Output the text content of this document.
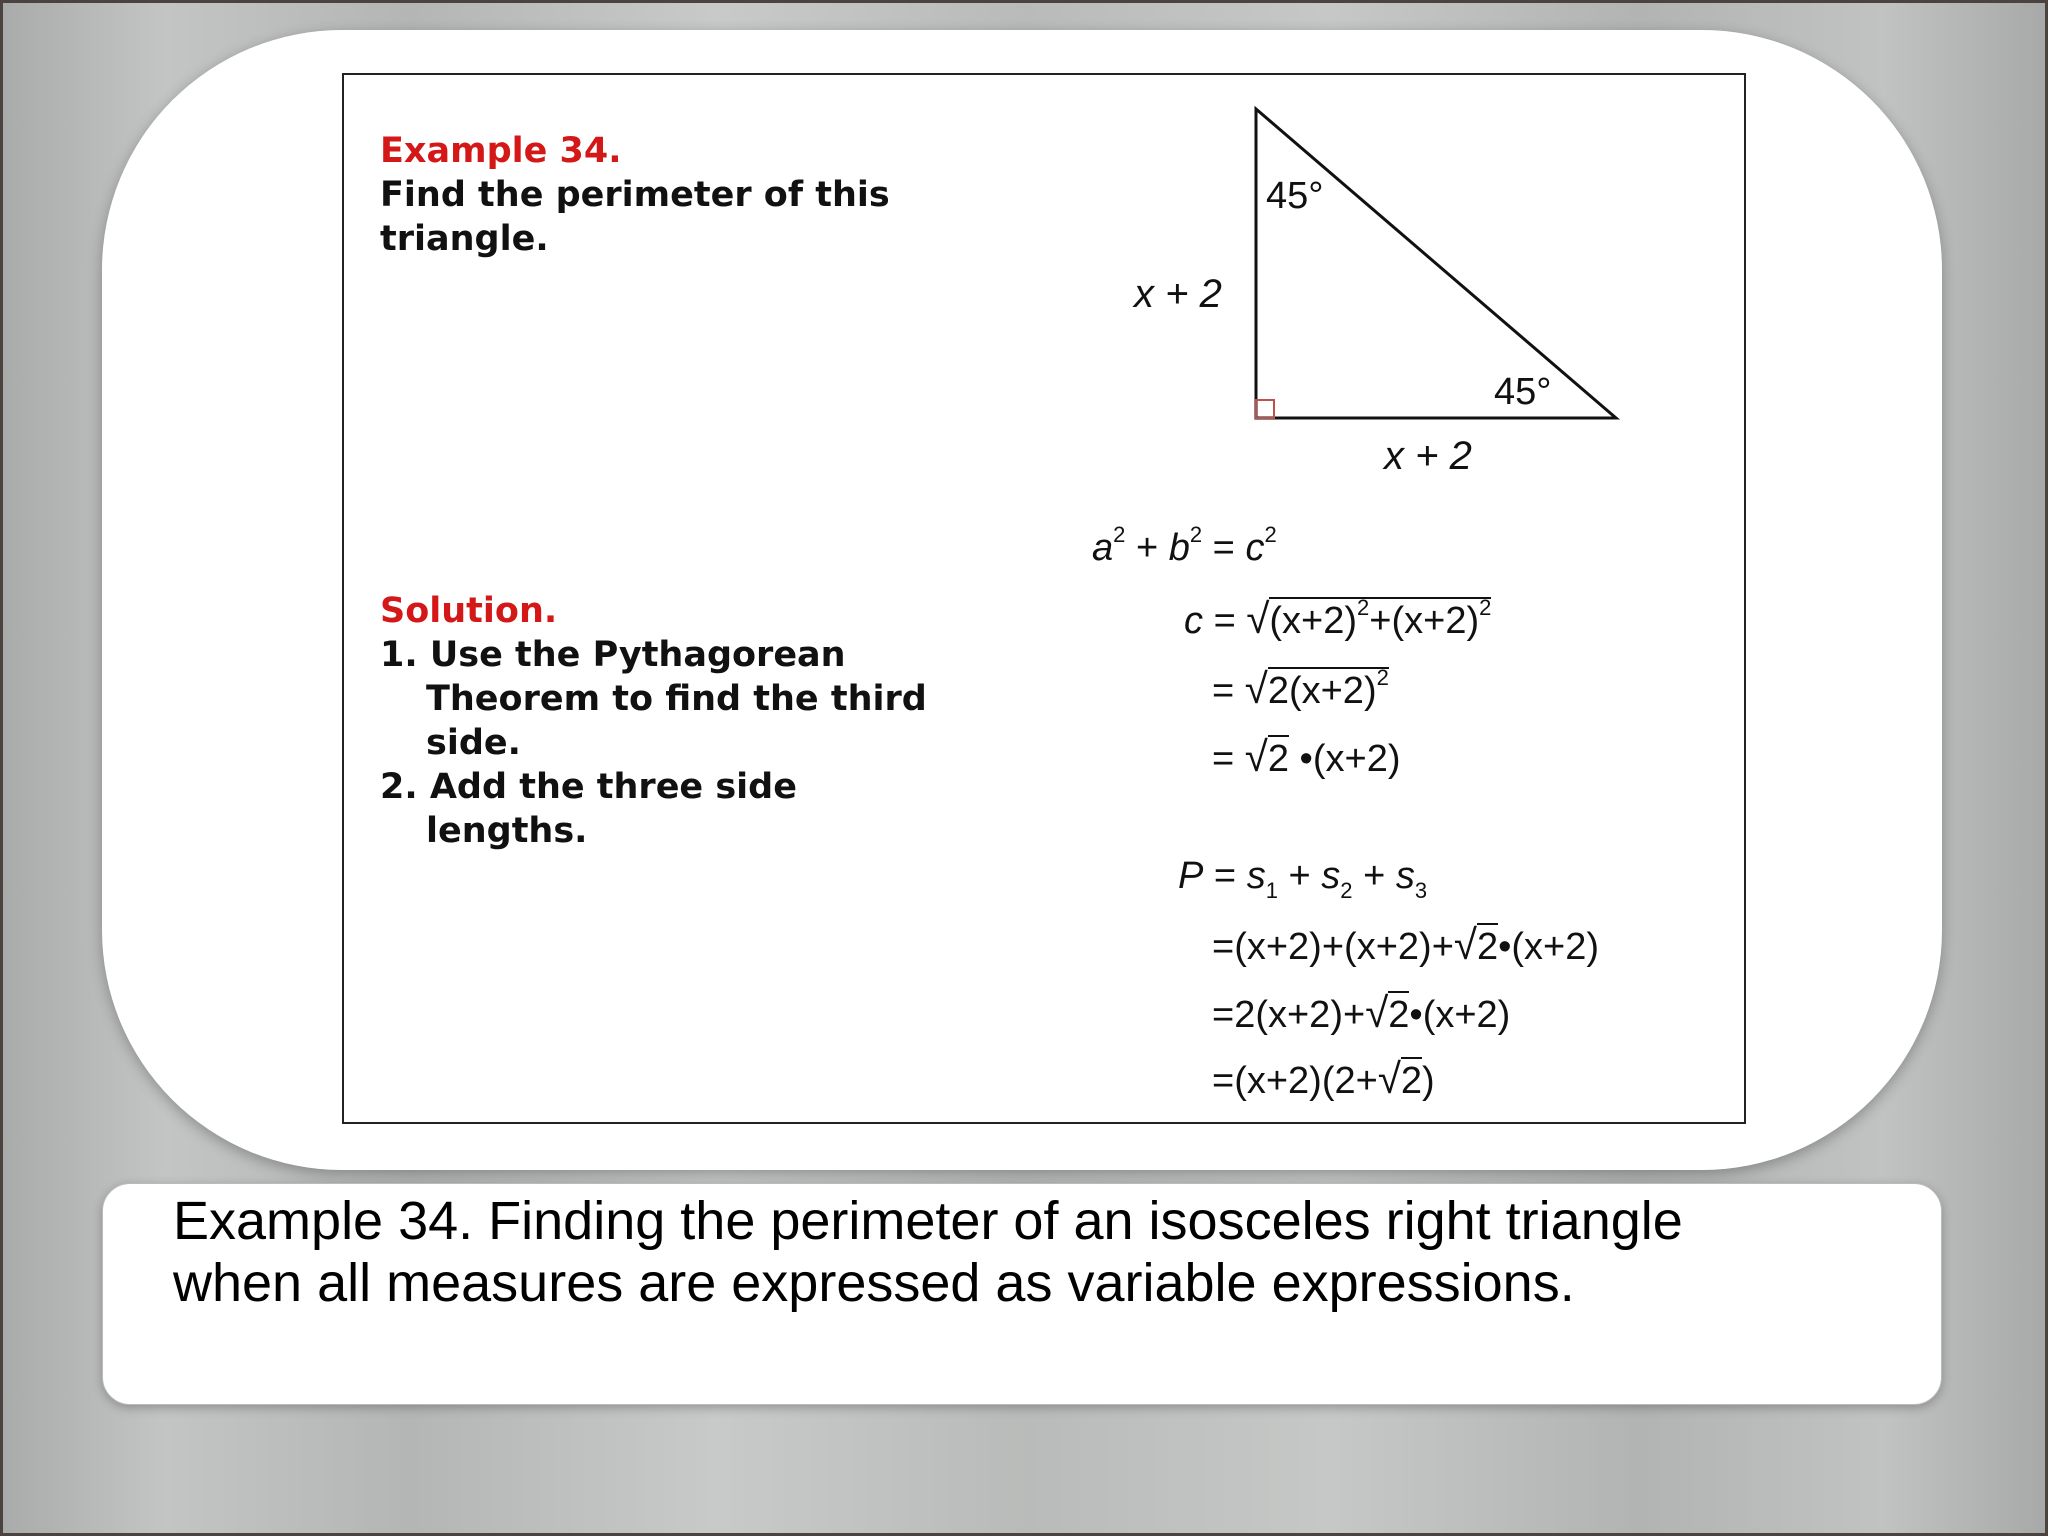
Example 34.
Find the perimeter of this
triangle.
45°
45°
x + 2
x + 2
Solution.
1. Use the Pythagorean
Theorem to find the third
side.
2. Add the three side
lengths.
$a^2 + b^2 = c^2$
$c = √(x+2)^2+(x+2)^2$
= $√2(x+2)^2$
= √2 •(x+2)
$P = s_1 + s_2 + s_3$
=(x+2)+(x+2)+√2•(x+2)
=2(x+2)+√2•(x+2)
=(x+2)(2+√2)
Example 34. Finding the perimeter of an isosceles right triangle
when all measures are expressed as variable expressions.
